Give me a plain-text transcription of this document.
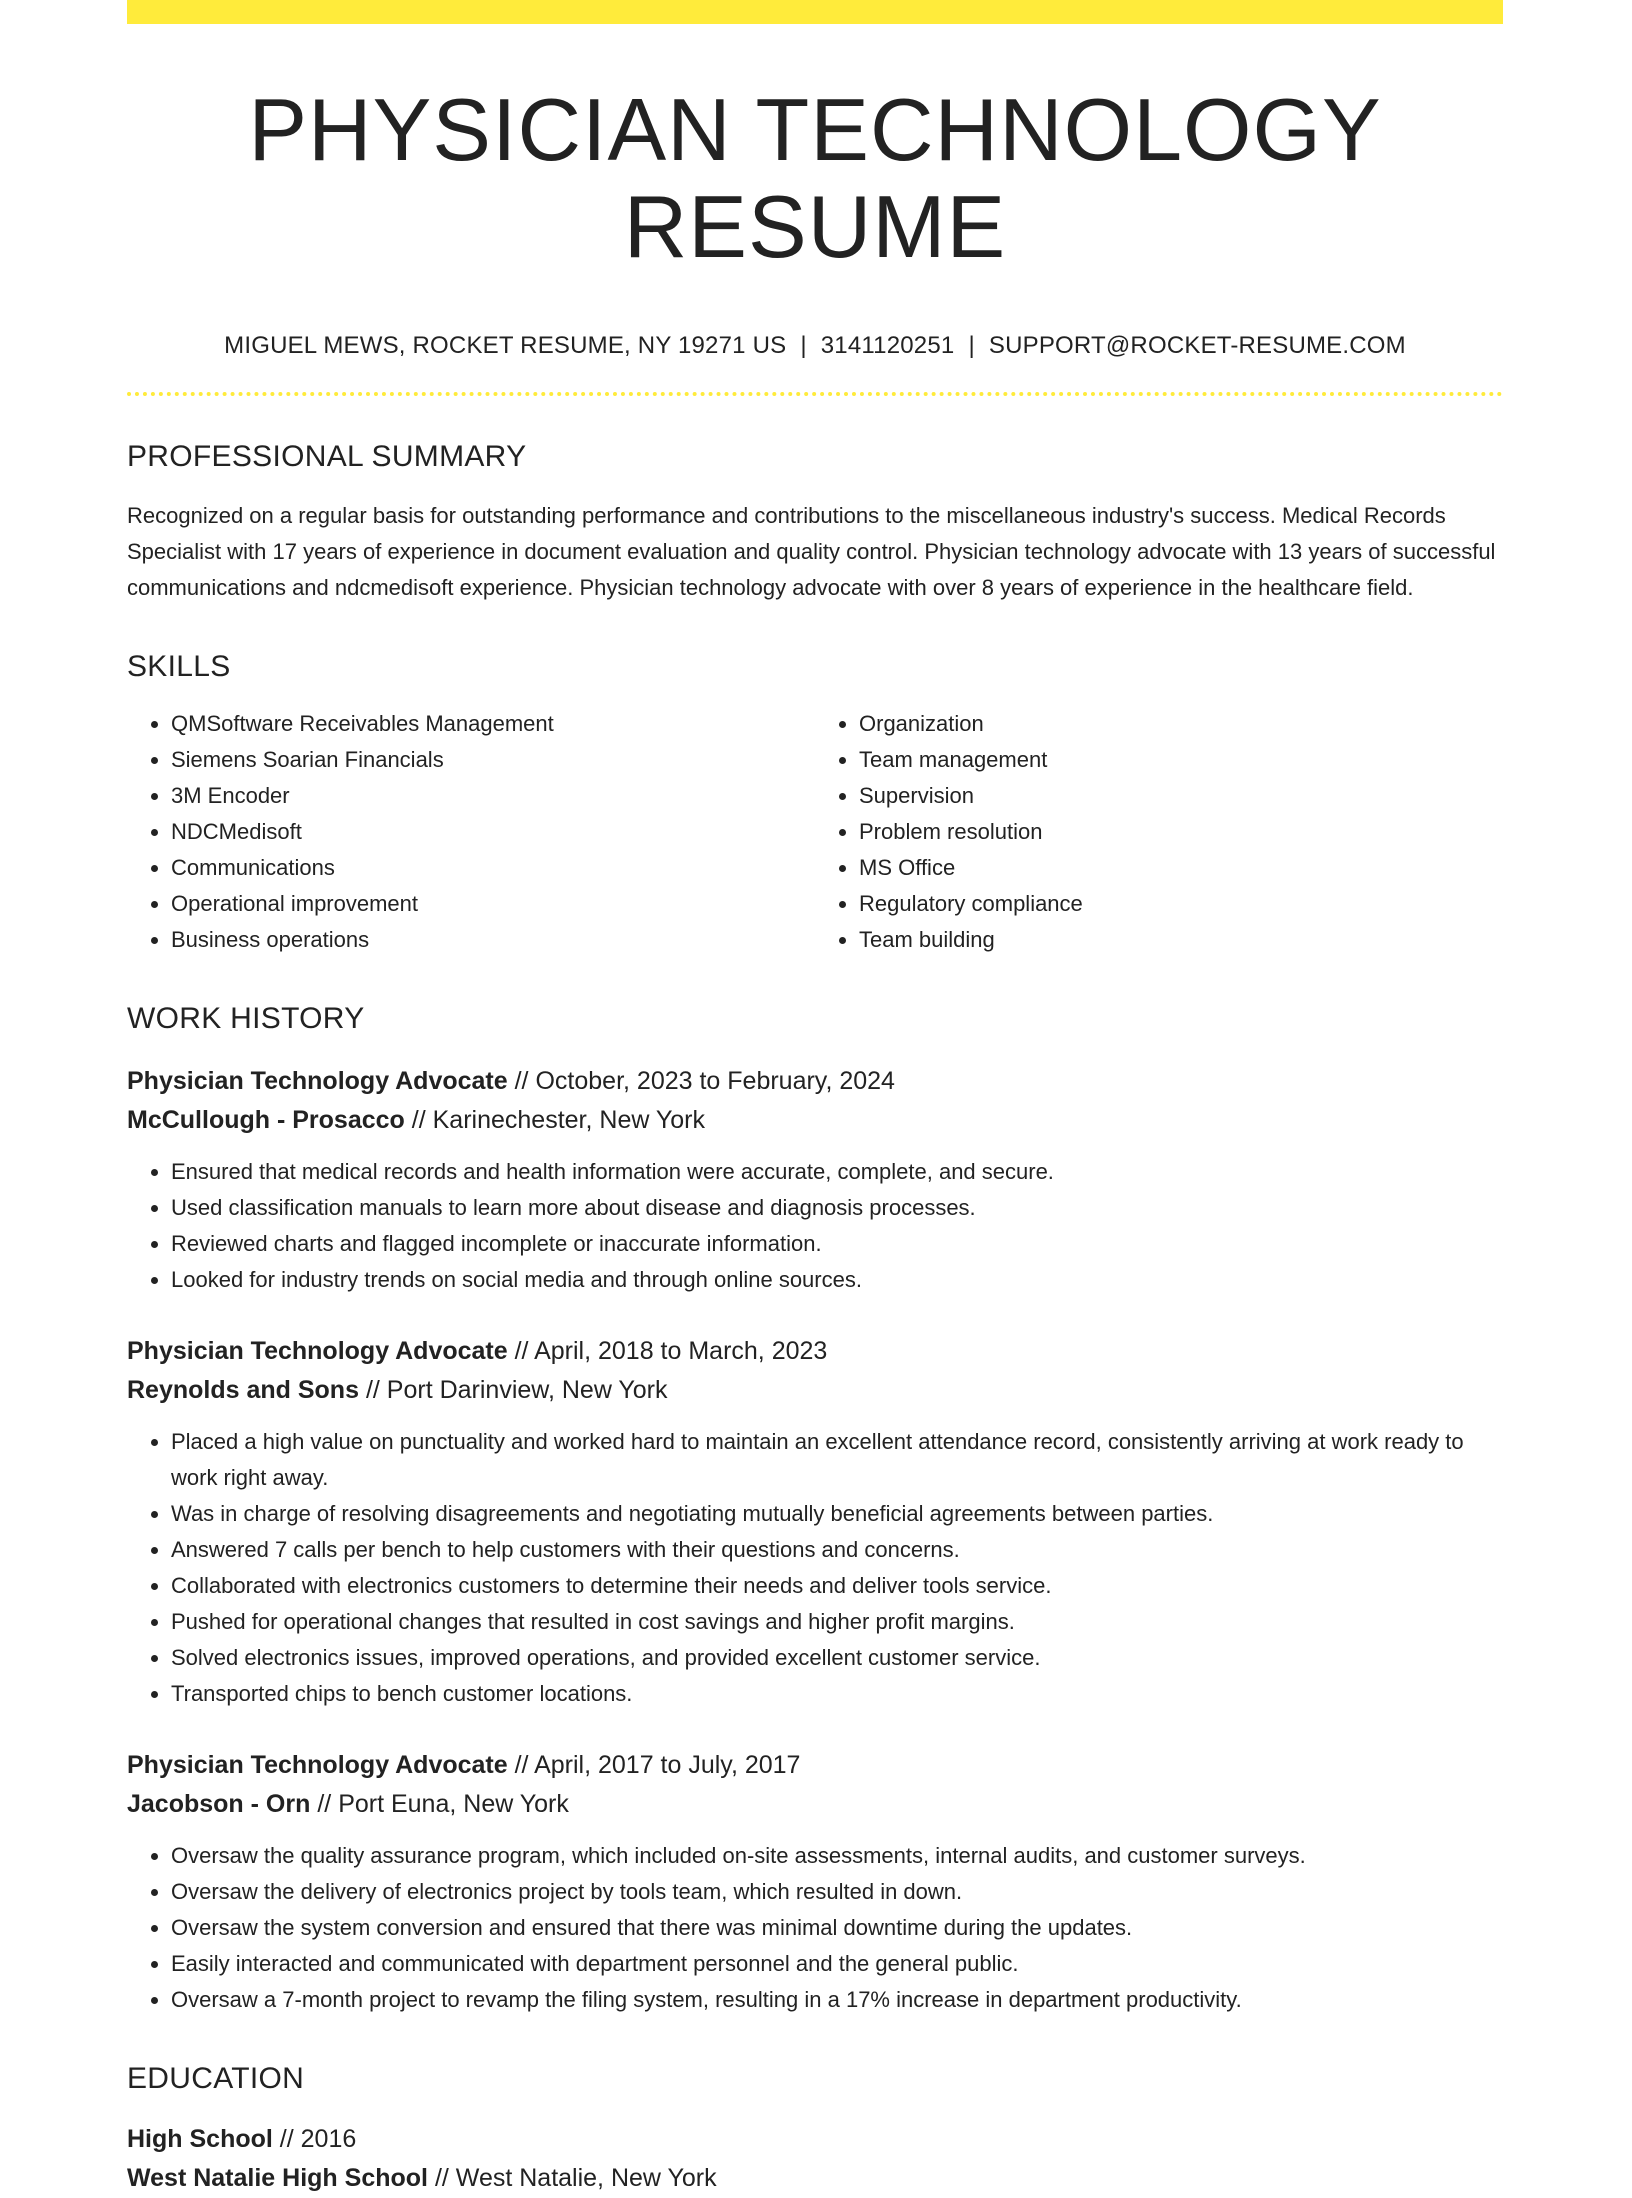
PHYSICIAN TECHNOLOGY RESUME
MIGUEL MEWS, ROCKET RESUME, NY 19271 US | 3141120251 | SUPPORT@ROCKET-RESUME.COM
PROFESSIONAL SUMMARY
Recognized on a regular basis for outstanding performance and contributions to the miscellaneous industry's success. Medical Records Specialist with 17 years of experience in document evaluation and quality control. Physician technology advocate with 13 years of successful communications and ndcmedisoft experience. Physician technology advocate with over 8 years of experience in the healthcare field.
SKILLS
• QMSoftware Receivables Management
• Siemens Soarian Financials
• 3M Encoder
• NDCMedisoft
• Communications
• Operational improvement
• Business operations
• Organization
• Team management
• Supervision
• Problem resolution
• MS Office
• Regulatory compliance
• Team building
WORK HISTORY
Physician Technology Advocate // October, 2023 to February, 2024
McCullough - Prosacco // Karinechester, New York
• Ensured that medical records and health information were accurate, complete, and secure.
• Used classification manuals to learn more about disease and diagnosis processes.
• Reviewed charts and flagged incomplete or inaccurate information.
• Looked for industry trends on social media and through online sources.
Physician Technology Advocate // April, 2018 to March, 2023
Reynolds and Sons // Port Darinview, New York
• Placed a high value on punctuality and worked hard to maintain an excellent attendance record, consistently arriving at work ready to work right away.
• Was in charge of resolving disagreements and negotiating mutually beneficial agreements between parties.
• Answered 7 calls per bench to help customers with their questions and concerns.
• Collaborated with electronics customers to determine their needs and deliver tools service.
• Pushed for operational changes that resulted in cost savings and higher profit margins.
• Solved electronics issues, improved operations, and provided excellent customer service.
• Transported chips to bench customer locations.
Physician Technology Advocate // April, 2017 to July, 2017
Jacobson - Orn // Port Euna, New York
• Oversaw the quality assurance program, which included on-site assessments, internal audits, and customer surveys.
• Oversaw the delivery of electronics project by tools team, which resulted in down.
• Oversaw the system conversion and ensured that there was minimal downtime during the updates.
• Easily interacted and communicated with department personnel and the general public.
• Oversaw a 7-month project to revamp the filing system, resulting in a 17% increase in department productivity.
EDUCATION
High School // 2016
West Natalie High School // West Natalie, New York
